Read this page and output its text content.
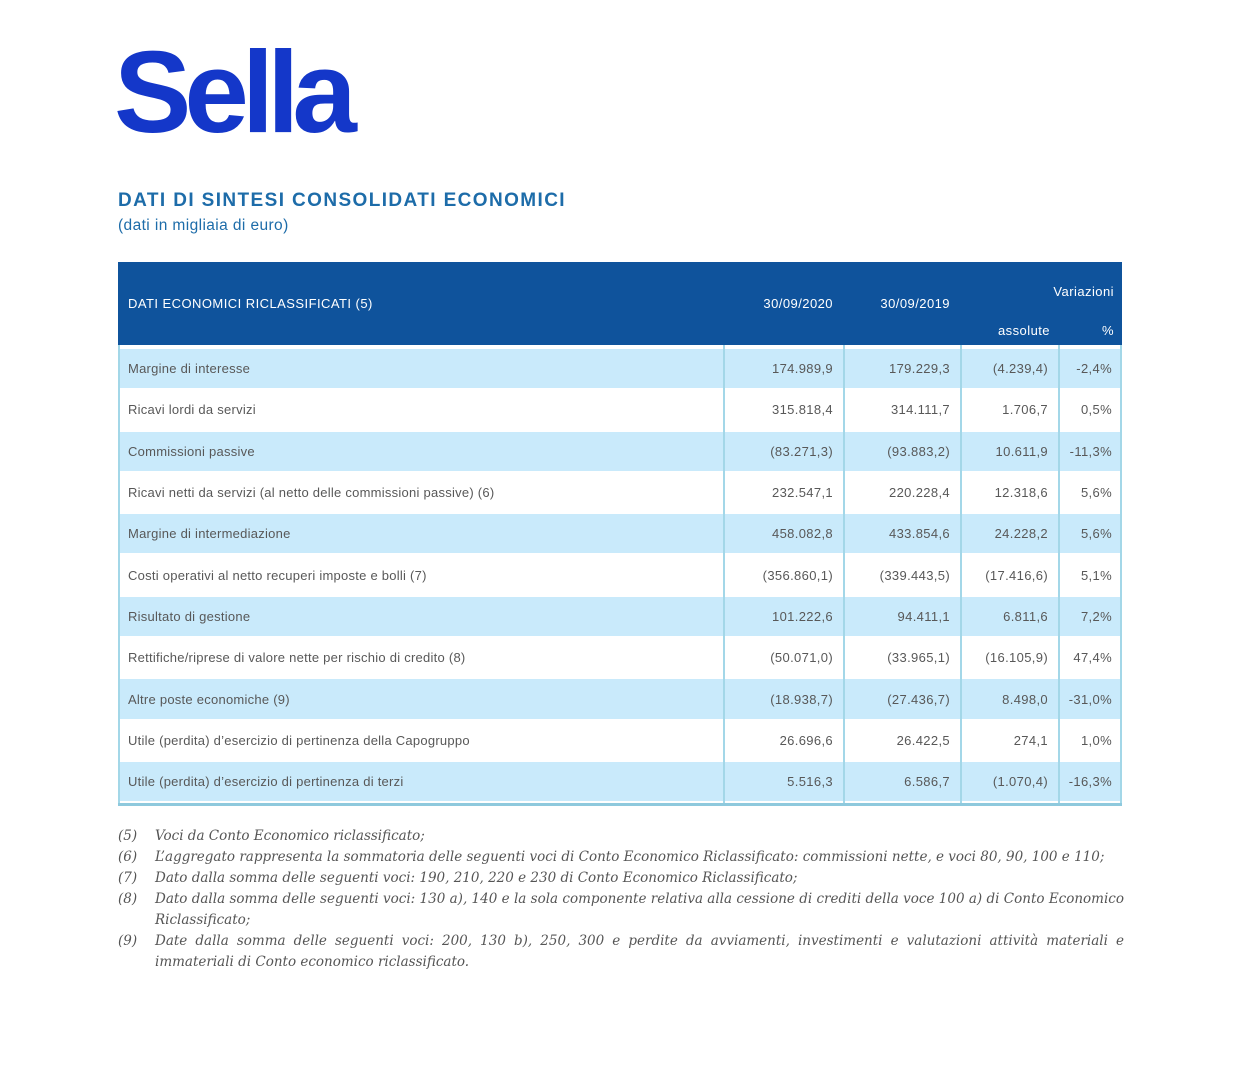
Sella
DATI DI SINTESI CONSOLIDATI ECONOMICI
(dati in migliaia di euro)
DATI ECONOMICI RICLASSIFICATI (5)	30/09/2020	30/09/2019
Variazioni
assolute	%
Margine di interesse	174.989,9	179.229,3	(4.239,4)	-2,4%
Ricavi lordi da servizi	315.818,4	314.111,7	1.706,7	0,5%
Commissioni passive	(83.271,3)	(93.883,2)	10.611,9	-11,3%
Ricavi netti da servizi (al netto delle commissioni passive) (6)	232.547,1	220.228,4	12.318,6	5,6%
Margine di intermediazione	458.082,8	433.854,6	24.228,2	5,6%
Costi operativi al netto recuperi imposte e bolli (7)	(356.860,1)	(339.443,5)	(17.416,6)	5,1%
Risultato di gestione	101.222,6	94.411,1	6.811,6	7,2%
Rettifiche/riprese di valore nette per rischio di credito (8)	(50.071,0)	(33.965,1)	(16.105,9)	47,4%
Altre poste economiche (9)	(18.938,7)	(27.436,7)	8.498,0	-31,0%
Utile (perdita) d’esercizio di pertinenza della Capogruppo	26.696,6	26.422,5	274,1	1,0%
Utile (perdita) d’esercizio di pertinenza di terzi	5.516,3	6.586,7	(1.070,4)	-16,3%
(5)	Voci da Conto Economico riclassificato;
(6)	L’aggregato rappresenta la sommatoria delle seguenti voci di Conto Economico Riclassificato: commissioni nette, e voci 80, 90, 100 e 110;
(7)	Dato dalla somma delle seguenti voci: 190, 210, 220 e 230 di Conto Economico Riclassificato;
(8)	Dato dalla somma delle seguenti voci: 130 a), 140 e la sola componente relativa alla cessione di crediti della voce 100 a) di Conto Economico Riclassificato;
(9)	Date dalla somma delle seguenti voci: 200, 130 b), 250, 300 e perdite da avviamenti, investimenti e valutazioni attività materiali e immateriali di Conto economico riclassificato.
